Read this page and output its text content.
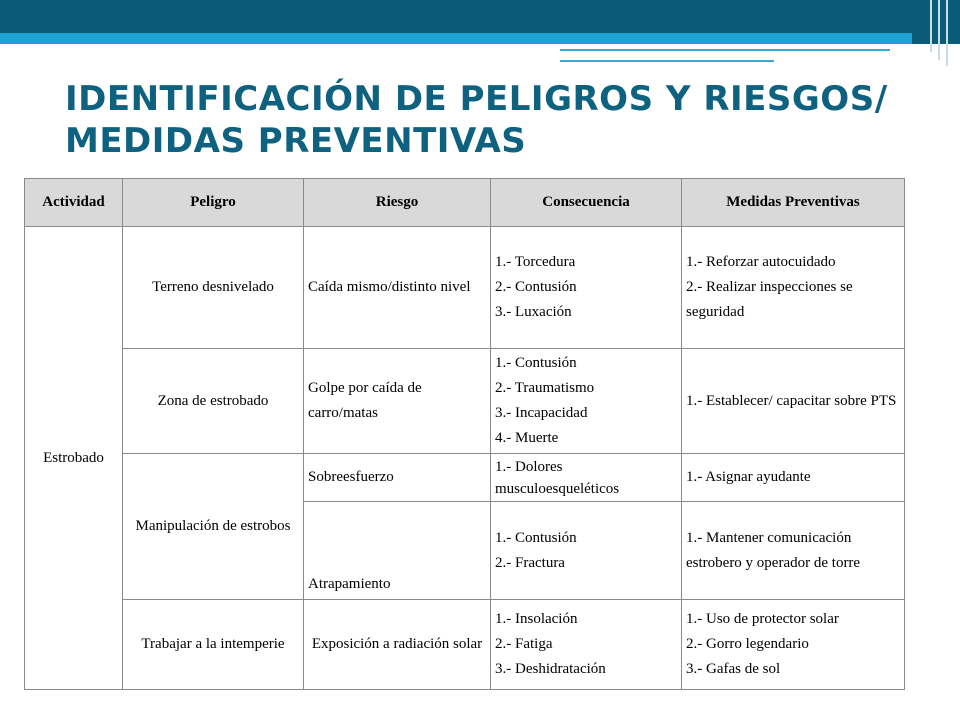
IDENTIFICACIÓN DE PELIGROS Y RIESGOS/
MEDIDAS PREVENTIVAS
Actividad	Peligro	Riesgo	Consecuencia	Medidas Preventivas
Estrobado	Terreno desnivelado	Caída mismo/distinto nivel	1.- Torcedura
2.- Contusión
3.- Luxación	1.- Reforzar autocuidado
2.- Realizar inspecciones se seguridad

	Zona de estrobado	Golpe por caída de carro/matas	1.- Contusión
2.- Traumatismo
3.- Incapacidad
4.- Muerte	1.- Establecer/ capacitar sobre PTS

	Manipulación de estrobos	Sobreesfuerzo	1.- Dolores musculoesqueléticos	1.- Asignar ayudante
		Atrapamiento	1.- Contusión
2.- Fractura	1.- Mantener comunicación estrobero y operador de torre

	Trabajar a la intemperie	Exposición a radiación solar	1.- Insolación
2.- Fatiga
3.- Deshidratación	1.- Uso de protector solar
2.- Gorro legendario
3.- Gafas de sol
